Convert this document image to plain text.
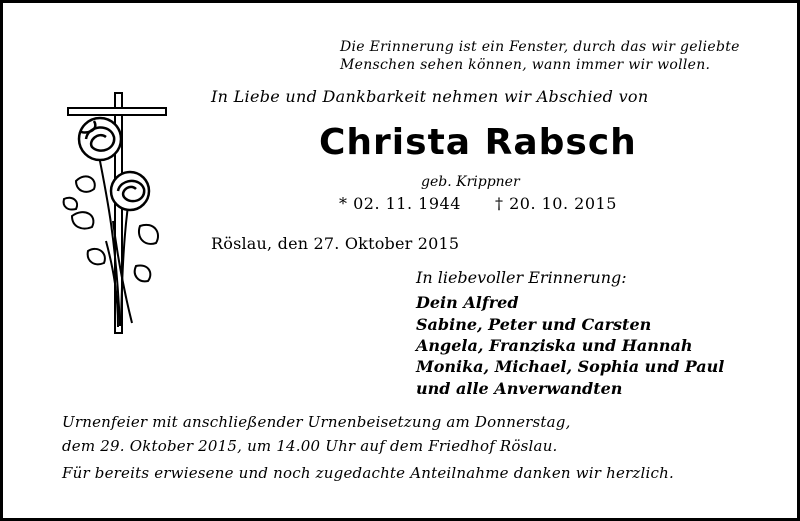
Die Erinnerung ist ein Fenster, durch das wir geliebte
Menschen sehen können, wann immer wir wollen.
In Liebe und Dankbarkeit nehmen wir Abschied von
Christa Rabsch
geb. Krippner
* 02. 11. 1944 † 20. 10. 2015
Röslau, den 27. Oktober 2015
In liebevoller Erinnerung:
Dein Alfred
Sabine, Peter und Carsten
Angela, Franziska und Hannah
Monika, Michael, Sophia und Paul
und alle Anverwandten
Urnenfeier mit anschließender Urnenbeisetzung am Donnerstag,
dem 29. Oktober 2015, um 14.00 Uhr auf dem Friedhof Röslau.
Für bereits erwiesene und noch zugedachte Anteilnahme danken wir herzlich.
